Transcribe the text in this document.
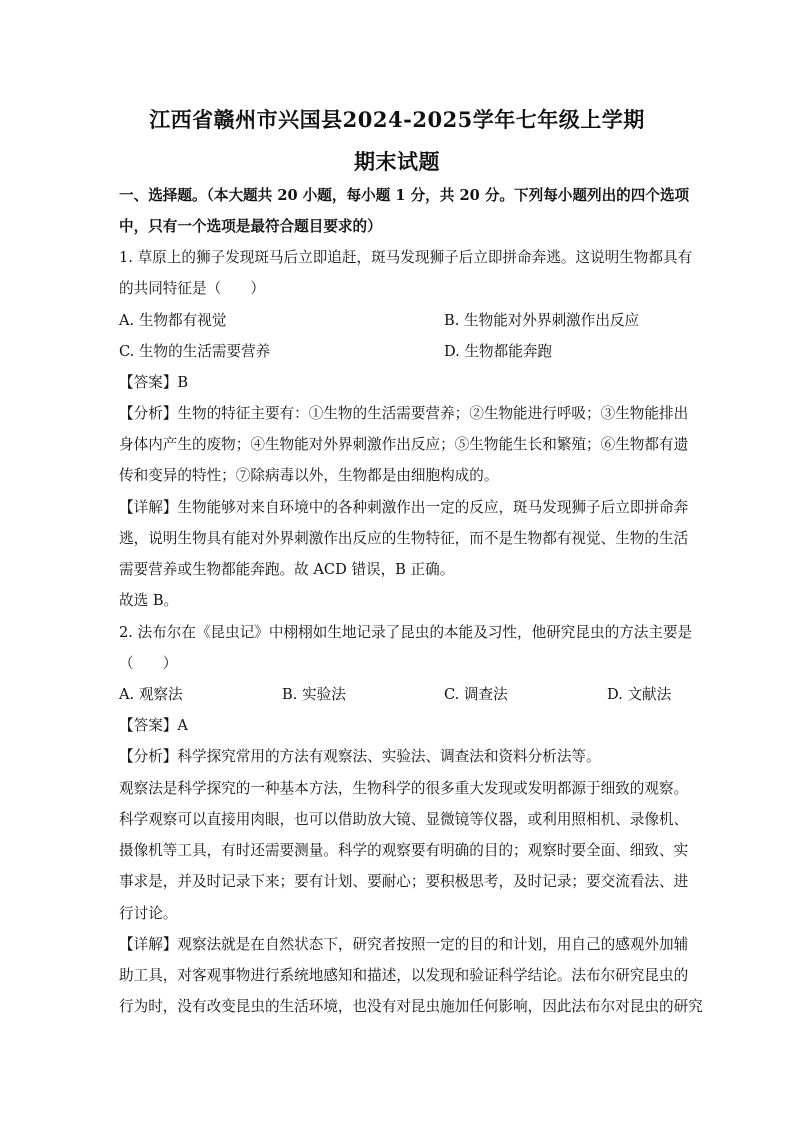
江西省赣州市兴国县2024-2025学年七年级上学期
期末试题
一、选择题。（本大题共 20 小题，每小题 1 分，共 20 分。下列每小题列出的四个选项
中，只有一个选项是最符合题目要求的）
1. 草原上的狮子发现斑马后立即追赶，斑马发现狮子后立即拼命奔逃。这说明生物都具有
的共同特征是（　　）
A. 生物都有视觉	B. 生物能对外界刺激作出反应
C. 生物的生活需要营养	D. 生物都能奔跑
【答案】B
【分析】生物的特征主要有：①生物的生活需要营养；②生物能进行呼吸；③生物能排出
身体内产生的废物；④生物能对外界刺激作出反应；⑤生物能生长和繁殖；⑥生物都有遗
传和变异的特性；⑦除病毒以外，生物都是由细胞构成的。
【详解】生物能够对来自环境中的各种刺激作出一定的反应，斑马发现狮子后立即拼命奔
逃，说明生物具有能对外界刺激作出反应的生物特征，而不是生物都有视觉、生物的生活
需要营养或生物都能奔跑。故 ACD 错误，B 正确。
故选 B。
2. 法布尔在《昆虫记》中栩栩如生地记录了昆虫的本能及习性，他研究昆虫的方法主要是
（　　）
A. 观察法	B. 实验法	C. 调查法	D. 文献法
【答案】A
【分析】科学探究常用的方法有观察法、实验法、调查法和资料分析法等。
观察法是科学探究的一种基本方法，生物科学的很多重大发现或发明都源于细致的观察。
科学观察可以直接用肉眼，也可以借助放大镜、显微镜等仪器，或利用照相机、录像机、
摄像机等工具，有时还需要测量。科学的观察要有明确的目的；观察时要全面、细致、实
事求是，并及时记录下来；要有计划、要耐心；要积极思考，及时记录；要交流看法、进
行讨论。
【详解】观察法就是在自然状态下，研究者按照一定的目的和计划，用自己的感观外加辅
助工具，对客观事物进行系统地感知和描述，以发现和验证科学结论。法布尔研究昆虫的
行为时，没有改变昆虫的生活环境，也没有对昆虫施加任何影响，因此法布尔对昆虫的研究
